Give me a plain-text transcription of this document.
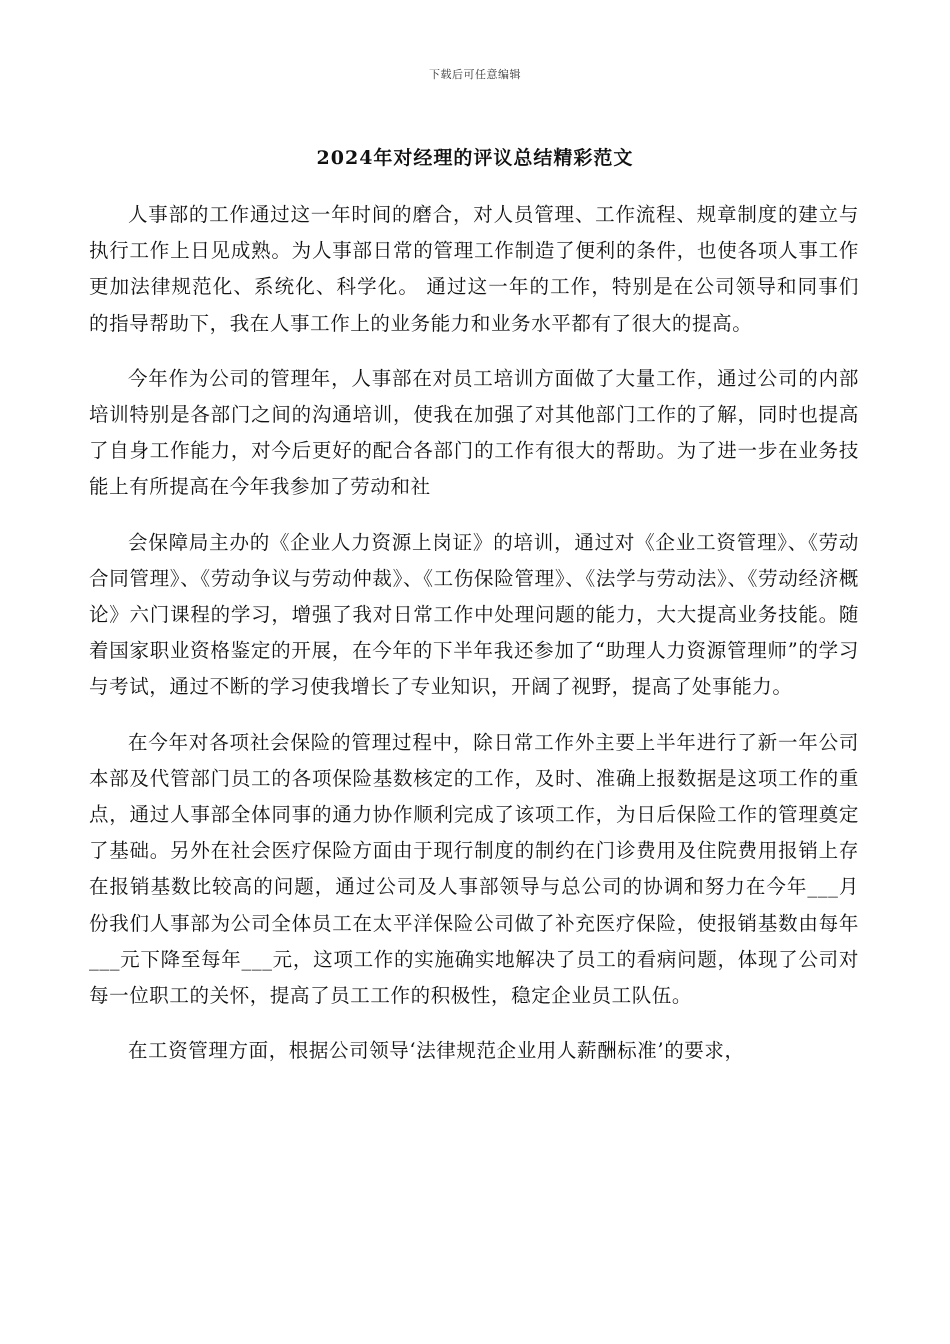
下载后可任意编辑
2024年对经理的评议总结精彩范文

人事部的工作通过这一年时间的磨合，对人员管理、工作流程、规章制度的建立与执行工作上日见成熟。为人事部日常的管理工作制造了便利的条件，也使各项人事工作更加法律规范化、系统化、科学化。 通过这一年的工作，特别是在公司领导和同事们的指导帮助下，我在人事工作上的业务能力和业务水平都有了很大的提高。

今年作为公司的管理年，人事部在对员工培训方面做了大量工作，通过公司的内部培训特别是各部门之间的沟通培训，使我在加强了对其他部门工作的了解，同时也提高了自身工作能力，对今后更好的配合各部门的工作有很大的帮助。为了进一步在业务技能上有所提高在今年我参加了劳动和社

会保障局主办的《企业人力资源上岗证》的培训，通过对《企业工资管理》、《劳动合同管理》、《劳动争议与劳动仲裁》、《工伤保险管理》、《法学与劳动法》、《劳动经济概论》六门课程的学习，增强了我对日常工作中处理问题的能力，大大提高业务技能。随着国家职业资格鉴定的开展，在今年的下半年我还参加了“助理人力资源管理师”的学习与考试，通过不断的学习使我增长了专业知识，开阔了视野，提高了处事能力。

在今年对各项社会保险的管理过程中，除日常工作外主要上半年进行了新一年公司本部及代管部门员工的各项保险基数核定的工作，及时、准确上报数据是这项工作的重点，通过人事部全体同事的通力协作顺利完成了该项工作，为日后保险工作的管理奠定了基础。另外在社会医疗保险方面由于现行制度的制约在门诊费用及住院费用报销上存在报销基数比较高的问题，通过公司及人事部领导与总公司的协调和努力在今年___月份我们人事部为公司全体员工在太平洋保险公司做了补充医疗保险，使报销基数由每年___元下降至每年___元，这项工作的实施确实地解决了员工的看病问题，体现了公司对每一位职工的关怀，提高了员工工作的积极性，稳定企业员工队伍。

在工资管理方面，根据公司领导‘法律规范企业用人薪酬标准’的要求，
